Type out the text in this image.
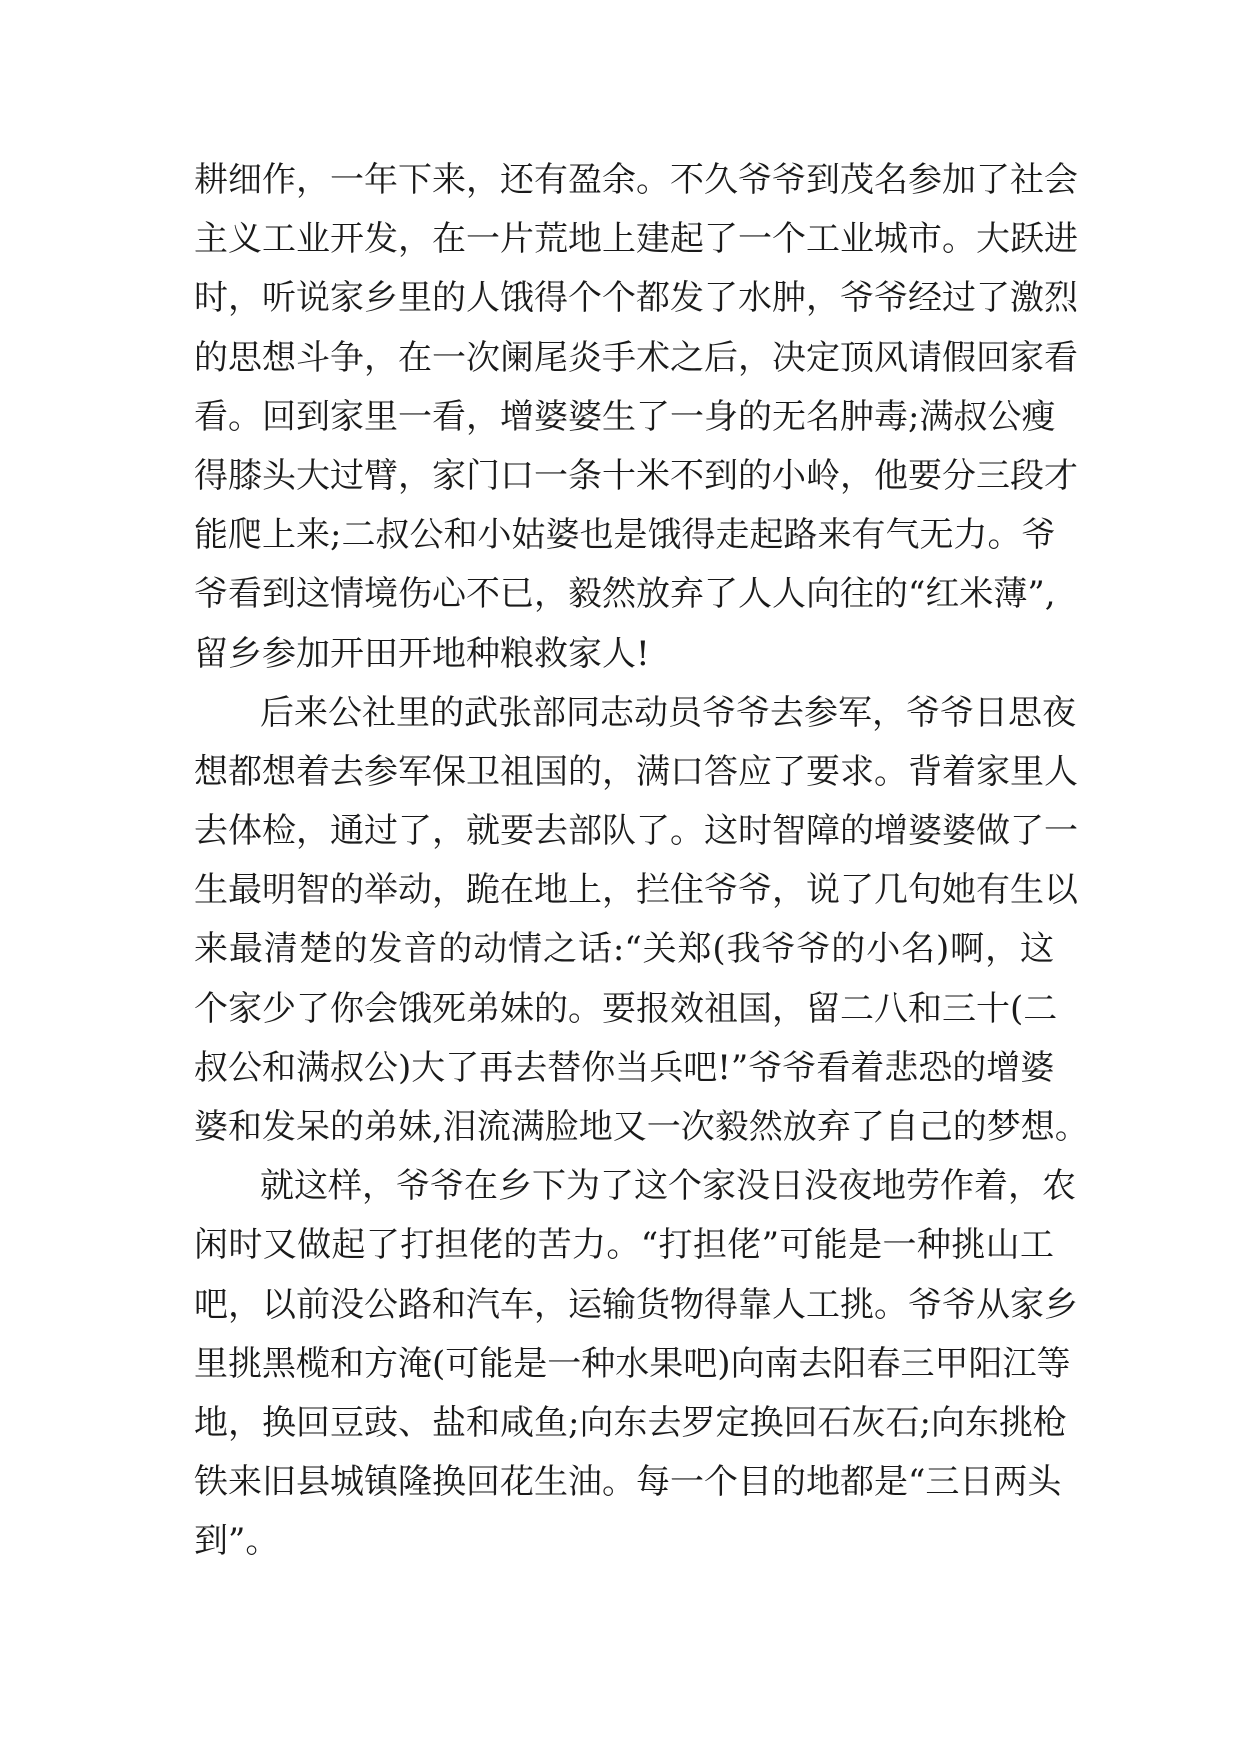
耕细作，一年下来，还有盈余。不久爷爷到茂名参加了社会
主义工业开发，在一片荒地上建起了一个工业城市。大跃进
时，听说家乡里的人饿得个个都发了水肿，爷爷经过了激烈
的思想斗争，在一次阑尾炎手术之后，决定顶风请假回家看
看。回到家里一看，增婆婆生了一身的无名肿毒;满叔公瘦
得膝头大过臂，家门口一条十米不到的小岭，他要分三段才
能爬上来;二叔公和小姑婆也是饿得走起路来有气无力。爷
爷看到这情境伤心不已，毅然放弃了人人向往的“红米薄”,
留乡参加开田开地种粮救家人!
后来公社里的武张部同志动员爷爷去参军，爷爷日思夜
想都想着去参军保卫祖国的，满口答应了要求。背着家里人
去体检，通过了，就要去部队了。这时智障的增婆婆做了一
生最明智的举动，跪在地上，拦住爷爷，说了几句她有生以
来最清楚的发音的动情之话:“关郑(我爷爷的小名)啊，这
个家少了你会饿死弟妹的。要报效祖国，留二八和三十(二
叔公和满叔公)大了再去替你当兵吧!”爷爷看着悲恐的增婆
婆和发呆的弟妹,泪流满脸地又一次毅然放弃了自己的梦想。
就这样，爷爷在乡下为了这个家没日没夜地劳作着，农
闲时又做起了打担佬的苦力。“打担佬”可能是一种挑山工
吧，以前没公路和汽车，运输货物得靠人工挑。爷爷从家乡
里挑黑榄和方淹(可能是一种水果吧)向南去阳春三甲阳江等
地，换回豆豉、盐和咸鱼;向东去罗定换回石灰石;向东挑枪
铁来旧县城镇隆换回花生油。每一个目的地都是“三日两头
到”。
